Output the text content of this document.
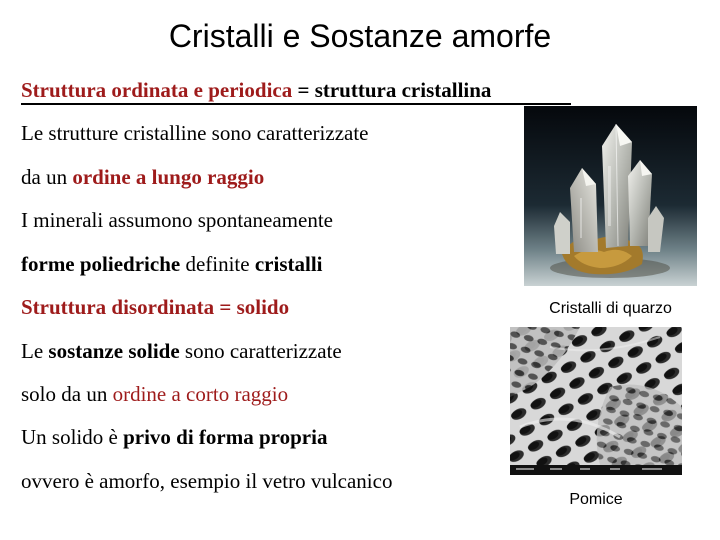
Cristalli e Sostanze amorfe
Struttura ordinata e periodica = struttura cristallina
Le strutture cristalline sono caratterizzate
da un ordine a lungo raggio
I minerali assumono spontaneamente
forme poliedriche definite cristalli
Struttura disordinata = solido
Le sostanze solide sono caratterizzate
solo da un ordine a corto raggio
Un solido è privo di forma propria
ovvero è amorfo, esempio il vetro vulcanico
Cristalli di quarzo
Pomice
